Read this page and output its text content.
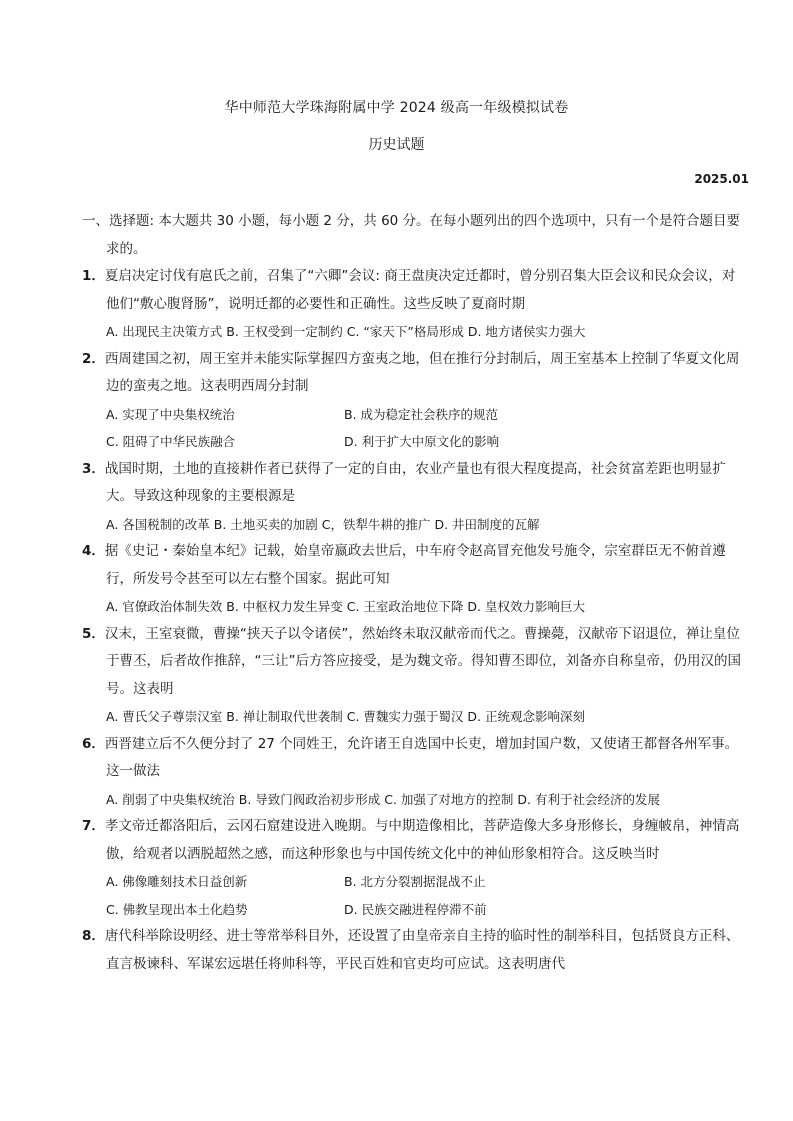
华中师范大学珠海附属中学 2024 级高一年级模拟试卷
历史试题
2025.01

一、选择题: 本大题共 30 小题，每小题 2 分，共 60 分。在每小题列出的四个选项中，只有一个是符合题目要求的。

1．夏启决定讨伐有扈氏之前，召集了“六卿”会议: 商王盘庚决定迁都时，曾分别召集大臣会议和民众会议，对他们“敷心腹肾肠”，说明迁都的必要性和正确性。这些反映了夏商时期

A. 出现民主决策方式 B. 王权受到一定制约 C. “家天下”格局形成 D. 地方诸侯实力强大

2．西周建国之初，周王室并未能实际掌握四方蛮夷之地，但在推行分封制后，周王室基本上控制了华夏文化周边的蛮夷之地。这表明西周分封制

A. 实现了中央集权统治	B. 成为稳定社会秩序的规范
C. 阻碍了中华民族融合	D. 利于扩大中原文化的影响

3．战国时期，土地的直接耕作者已获得了一定的自由，农业产量也有很大程度提高，社会贫富差距也明显扩大。导致这种现象的主要根源是

A. 各国税制的改革 B. 土地买卖的加剧 C，铁犁牛耕的推广 D. 井田制度的瓦解

4．据《史记・秦始皇本纪》记载，始皇帝嬴政去世后，中车府令赵高冒充他发号施令，宗室群臣无不俯首遵行，所发号令甚至可以左右整个国家。据此可知

A. 官僚政治体制失效 B. 中枢权力发生异变 C. 王室政治地位下降 D. 皇权效力影响巨大

5．汉末，王室衰微，曹操“挟天子以令诸侯”，然始终未取汉献帝而代之。曹操薨，汉献帝下诏退位，禅让皇位于曹丕，后者故作推辞，“三让”后方答应接受，是为魏文帝。得知曹丕即位，刘备亦自称皇帝，仍用汉的国号。这表明

A. 曹氏父子尊崇汉室 B. 禅让制取代世袭制 C. 曹魏实力强于蜀汉 D. 正统观念影响深刻

6．西晋建立后不久便分封了 27 个同姓王，允许诸王自选国中长吏，增加封国户数，又使诸王都督各州军事。这一做法

A. 削弱了中央集权统治 B. 导致门阀政治初步形成 C. 加强了对地方的控制 D. 有利于社会经济的发展

7．孝文帝迁都洛阳后，云冈石窟建设进入晚期。与中期造像相比，菩萨造像大多身形修长，身缠帔帛，神情高傲，给观者以洒脱超然之感，而这种形象也与中国传统文化中的神仙形象相符合。这反映当时

A. 佛像雕刻技术日益创新	B. 北方分裂割据混战不止
C. 佛教呈现出本土化趋势	D. 民族交融进程停滞不前

8．唐代科举除设明经、进士等常举科目外，还设置了由皇帝亲自主持的临时性的制举科目，包括贤良方正科、直言极谏科、军谋宏远堪任将帅科等，平民百姓和官吏均可应试。这表明唐代
